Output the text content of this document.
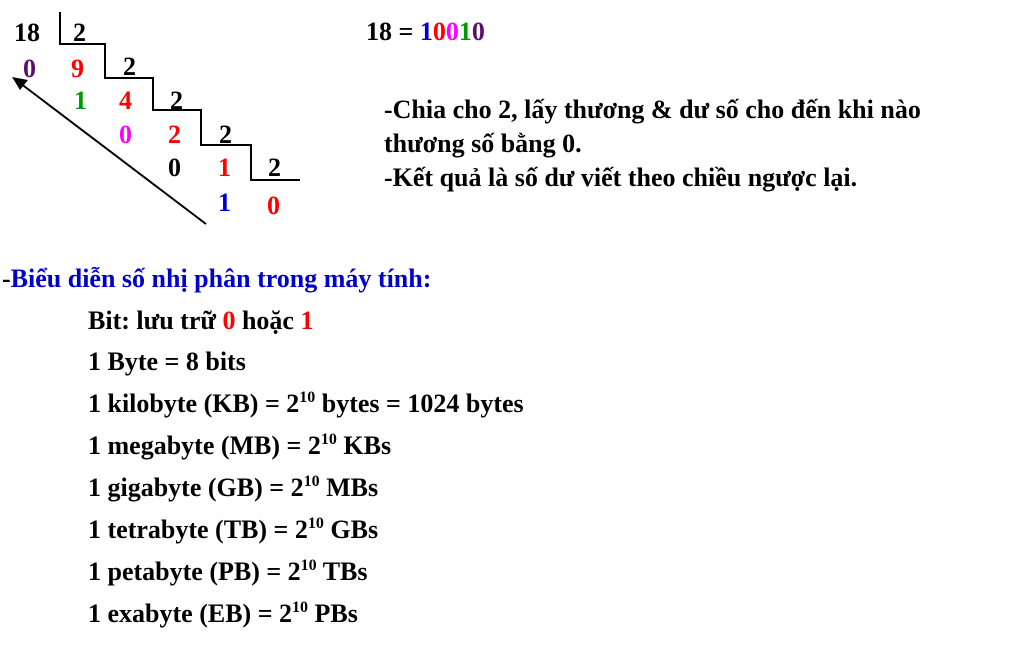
18 2
0 9 2
1 4 2
0 2 2
0 1 2
1 0
18 = 10010
-Chia cho 2, lấy thương & dư số cho đến khi nào
thương số bằng 0.
-Kết quả là số dư viết theo chiều ngược lại.
-Biểu diễn số nhị phân trong máy tính:
Bit: lưu trữ 0 hoặc 1
1 Byte = 8 bits
1 kilobyte $(KB) = 2^{10}$ bytes = 1024 bytes
1 megabyte $(MB) = 2^{10}$ KBs
1 gigabyte $(GB) = 2^{10}$ MBs
1 tetrabyte $(TB) = 2^{10}$ GBs
1 petabyte $(PB) = 2^{10}$ TBs
1 exabyte $(EB) = 2^{10}$ PBs
